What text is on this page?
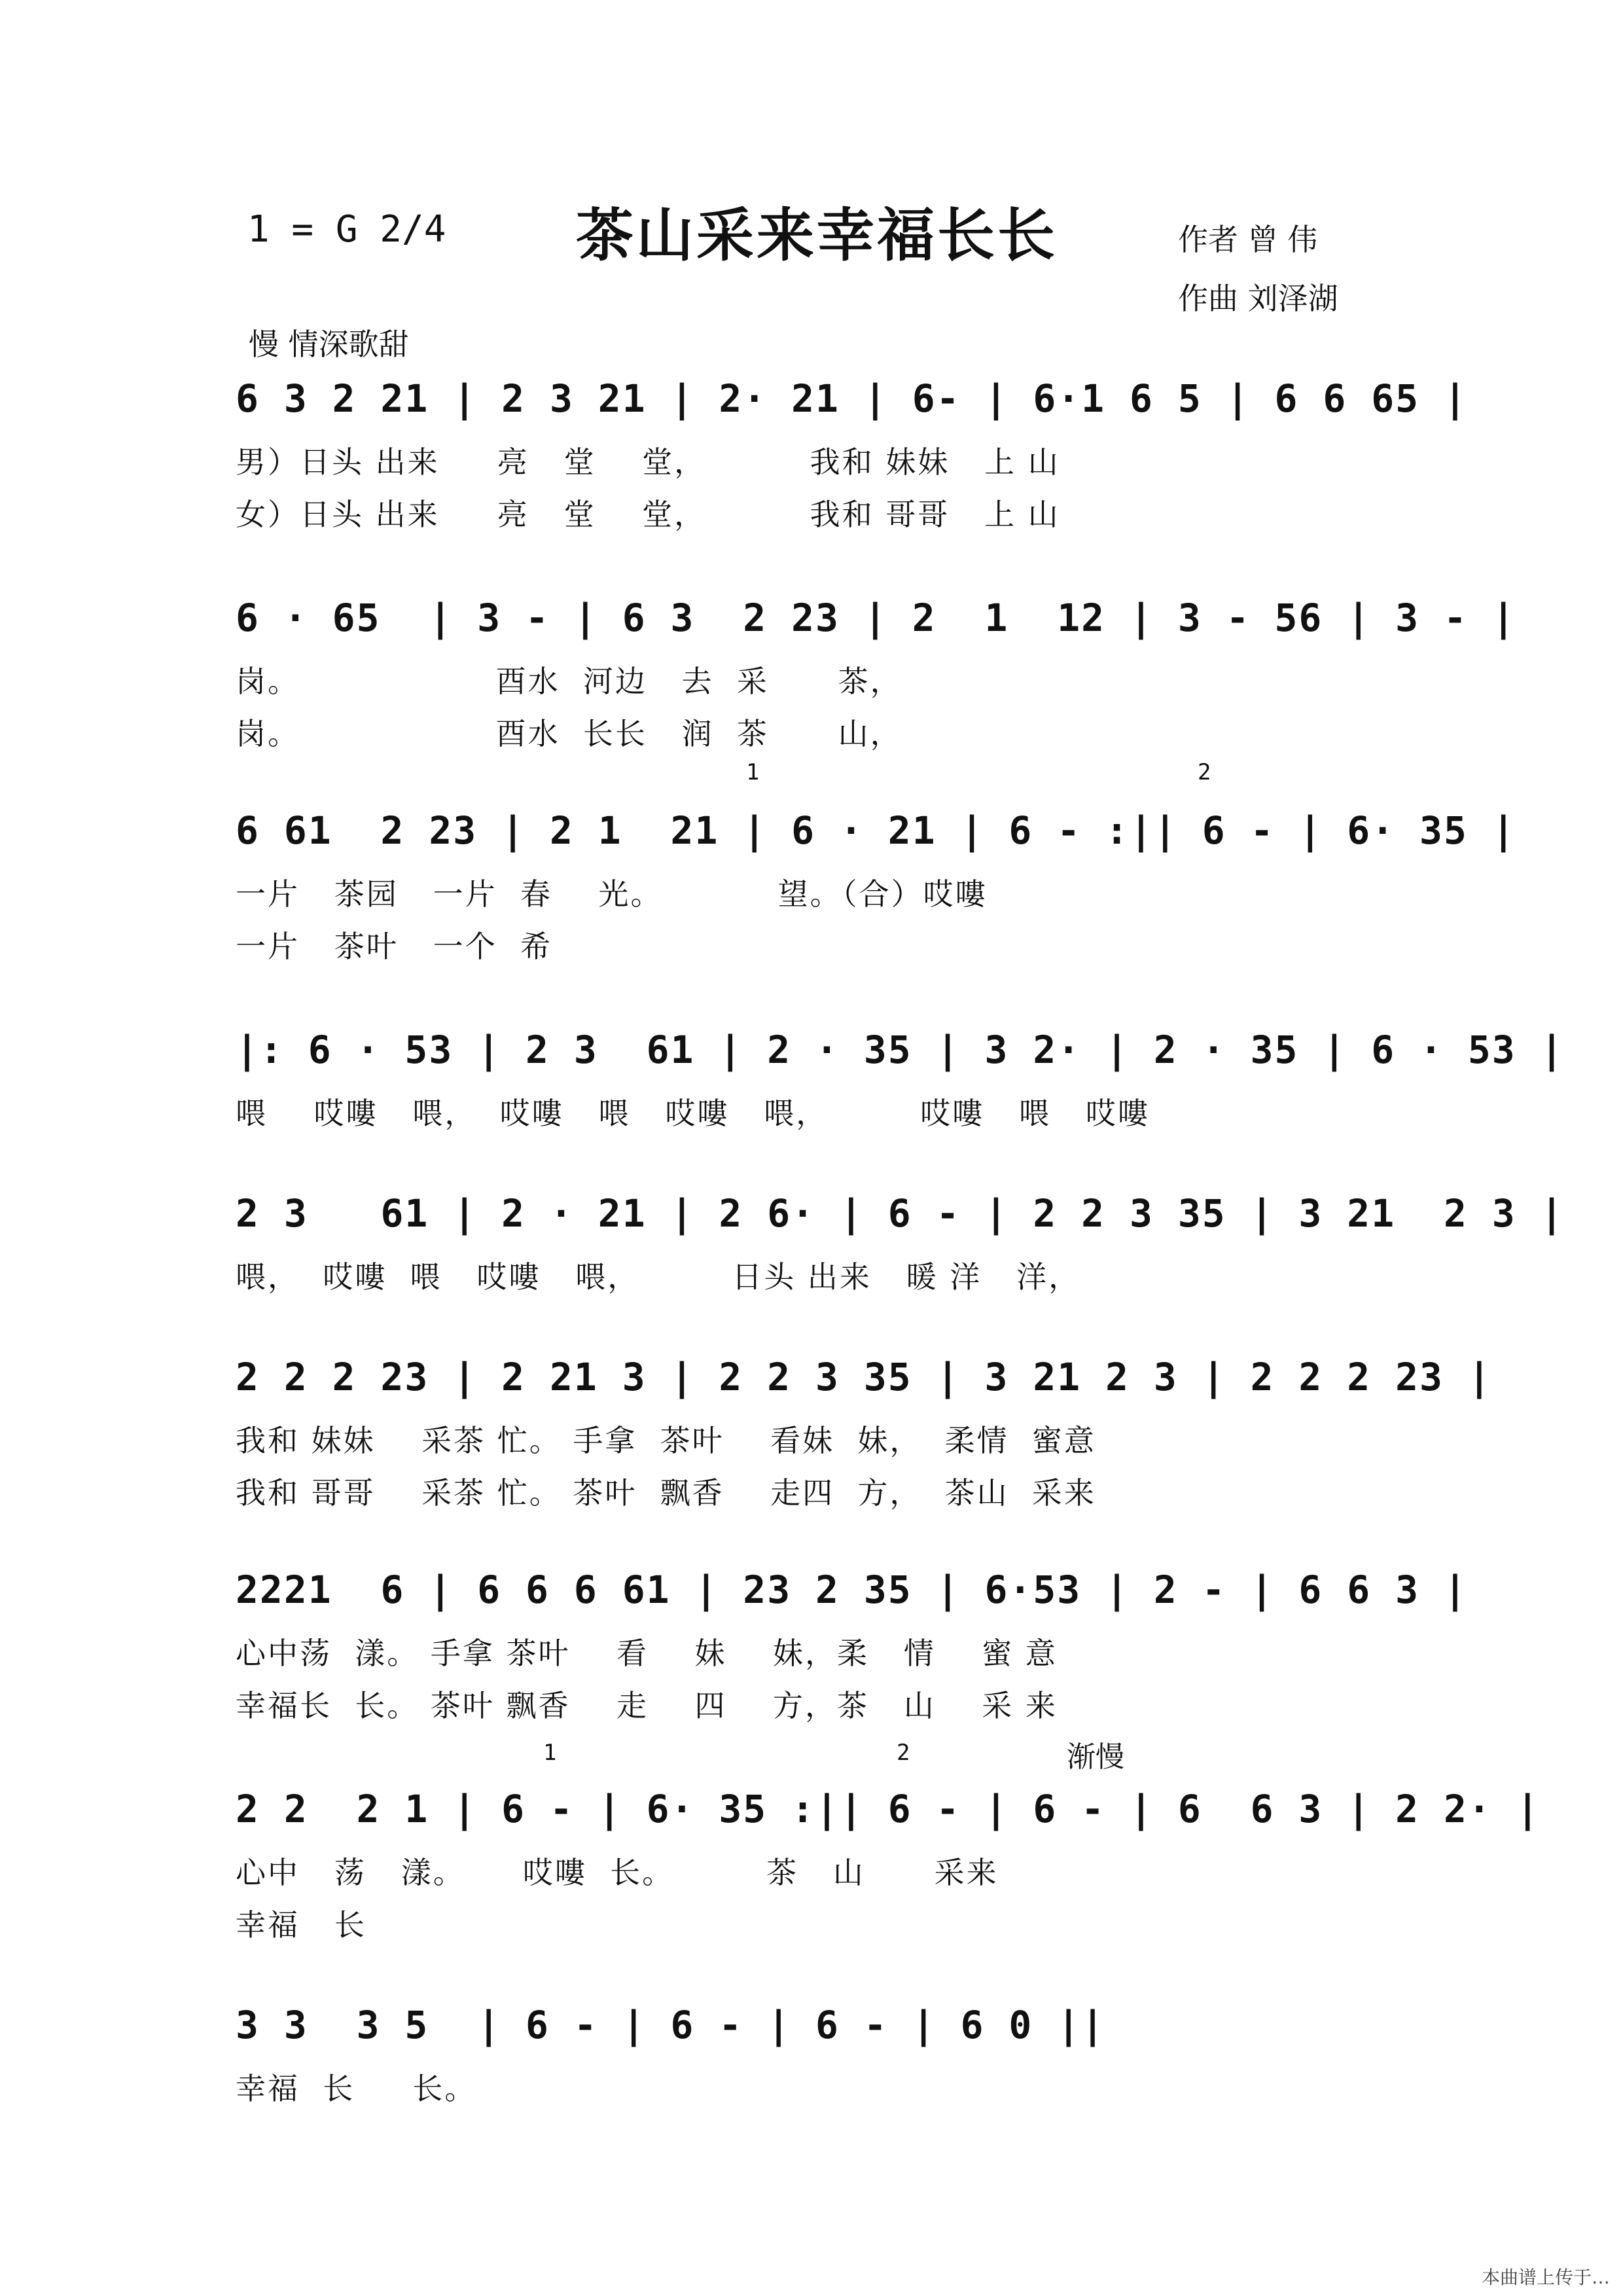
1 = G 2/4 茶山采来幸福长长	作者 曾 伟
作曲 刘泽湖
慢 情深歌甜
6 3 2 21 | 2 3 21 | 2· 21 | 6- | 6·1 6 5 | 6 6 65 |
男）日头 出来     亮   堂    堂，         我和 妹妹   上 山
女）日头 出来     亮   堂    堂，         我和 哥哥   上 山
6 · 65  | 3 - | 6 3  2 23 | 2  1  12 | 3 - 56 | 3 - |
岗。                 酉水  河边   去  采      茶，
岗。                 酉水  长长   润  茶      山，
1	2
6 61  2 23 | 2 1  21 | 6 · 21 | 6 - :|| 6 - | 6· 35 |
一片   茶园   一片  春    光。          望。（合）哎嘍
一片   茶叶   一个  希
|: 6 · 53 | 2 3  61 | 2 · 35 | 3 2· | 2 · 35 | 6 · 53 |
喂    哎嘍   喂，  哎嘍   喂   哎嘍   喂，        哎嘍   喂   哎嘍
2 3   61 | 2 · 21 | 2 6· | 6 - | 2 2 3 35 | 3 21  2 3 |
喂，  哎嘍  喂   哎嘍   喂，        日头 出来   暖 洋   洋，
2 2 2 23 | 2 21 3 | 2 2 3 35 | 3 21 2 3 | 2 2 2 23 |
我和 妹妹    采茶 忙。 手拿  茶叶    看妹  妹，  柔情  蜜意
我和 哥哥    采茶 忙。 茶叶  飘香    走四  方，  茶山  采来
2221  6 | 6 6 6 61 | 23 2 35 | 6·53 | 2 - | 6 6 3 |
心中荡  漾。 手拿 茶叶    看    妹    妹，柔   情    蜜 意
幸福长  长。 茶叶 飘香    走    四    方，茶   山    采 来
1	2	渐慢
2 2  2 1 | 6 - | 6· 35 :|| 6 - | 6 - | 6  6 3 | 2 2· |
心中   荡   漾。     哎嘍  长。        茶   山      采来
幸福   长
3 3  3 5  | 6 - | 6 - | 6 - | 6 0 ||
幸福  长     长。
本曲谱上传于…
